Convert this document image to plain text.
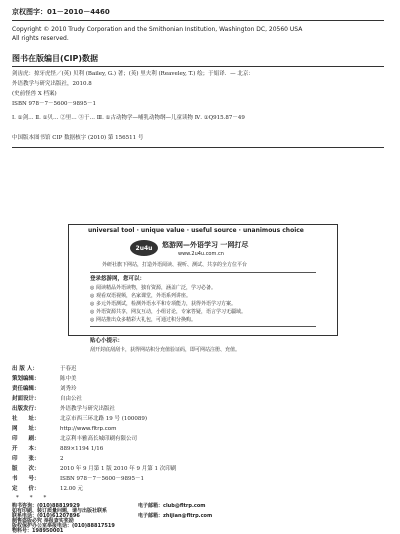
京权图字：01－2010－4460
Copyright © 2010 Trudy Corporation and the Smithonian Institution, Washington DC, 20560 USA
All rights reserved.
图书在版编目(CIP)数据
剑齿虎：掠牙虎怪／(英) 贝利 (Bailey, G.) 著；(英) 里夫利 (Reaveley, T.) 绘；于娟译．— 北京：
外语教学与研究出版社，2010.8
(史前怪兽 X 档案)
ISBN 978－7－5600－9895－1
Ⅰ. ①剑… Ⅱ. ①贝… ②里… ③于… Ⅲ. ①古动物学—哺乳动物纲—儿童读物 Ⅳ. ①Q915.87－49
中国版本图书馆 CIP 数据核字 (2010) 第 156511 号
universal tool · unique value · useful source · unanimous choice
2u4u 悠游网—外语学习 一网打尽
www.2u4u.com.cn
外研社旗下网站，打造外语阅读、视听、测试、共享的全方位平台
登录悠游网，您可以：
◎ 阅读精品外语读物，独有资源，涵盖广泛，学习必备。
◎ 观看双语视频，名家课堂，外语系列讲座。
◎ 多元外语测试，检测外语水平和专项能力，获得外语学习方案。
◎ 外语资源共享，网友互动，小组讨论，专家答疑，语言学习无疆域。
◎ 网站推出众多精彩大礼包，可通过积分换购。
贴心小提示：
刮开封底刮刮卡，获得网站积分充值验证码，即可网站注册、充值。
出 版 人：	于春迟
策划编辑：	陈中美
责任编辑：	刘秀玲
封面设计：	自由公社
出版发行：	外语教学与研究出版社
社　　址：	北京市西三环北路 19 号 (100089)
网　　址：	http://www.fltrp.com
印　　刷：	北京利丰雅高长城印刷有限公司
开　　本：	889×1194 1/16
印　　张：	2
版　　次：	2010 年 9 月第 1 版 2010 年 9 月第 1 次印刷
书　　号：	ISBN 978－7－5600－9895－1
定　　价：	12.00 元
*　　*　　*
购书咨询：(010)88819929	电子邮箱：club@fltrp.com
如有印刷、装订质量问题，请与出版社联系
联系电话：(010)61207896	电子邮箱：zhijian@fltrp.com
制售盗版必究 举报查实奖励
版权保护办公室举报电话：(010)88817519
物料号：198950001
